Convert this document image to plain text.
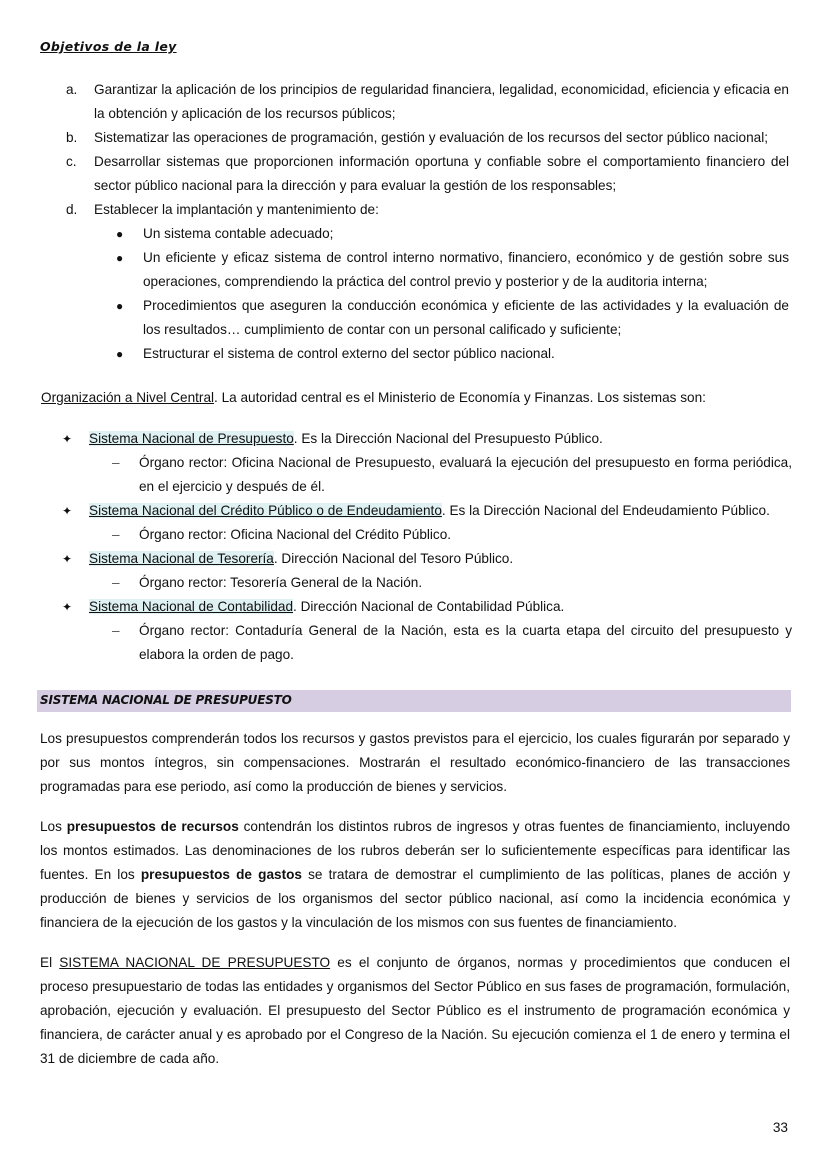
Objetivos de la ley
a.	Garantizar la aplicación de los principios de regularidad financiera, legalidad, economicidad, eficiencia y eficacia en la obtención y aplicación de los recursos públicos;
b.	Sistematizar las operaciones de programación, gestión y evaluación de los recursos del sector público nacional;
c.	Desarrollar sistemas que proporcionen información oportuna y confiable sobre el comportamiento financiero del sector público nacional para la dirección y para evaluar la gestión de los responsables;
d.	Establecer la implantación y mantenimiento de:
●	Un sistema contable adecuado;
●	Un eficiente y eficaz sistema de control interno normativo, financiero, económico y de gestión sobre sus operaciones, comprendiendo la práctica del control previo y posterior y de la auditoria interna;
●	Procedimientos que aseguren la conducción económica y eficiente de las actividades y la evaluación de los resultados… cumplimiento de contar con un personal calificado y suficiente;
●	Estructurar el sistema de control externo del sector público nacional.
Organización a Nivel Central. La autoridad central es el Ministerio de Economía y Finanzas. Los sistemas son:
✦	Sistema Nacional de Presupuesto. Es la Dirección Nacional del Presupuesto Público.
–	Órgano rector: Oficina Nacional de Presupuesto, evaluará la ejecución del presupuesto en forma periódica, en el ejercicio y después de él.
✦	Sistema Nacional del Crédito Público o de Endeudamiento. Es la Dirección Nacional del Endeudamiento Público.
–	Órgano rector: Oficina Nacional del Crédito Público.
✦	Sistema Nacional de Tesorería. Dirección Nacional del Tesoro Público.
–	Órgano rector: Tesorería General de la Nación.
✦	Sistema Nacional de Contabilidad. Dirección Nacional de Contabilidad Pública.
–	Órgano rector: Contaduría General de la Nación, esta es la cuarta etapa del circuito del presupuesto y elabora la orden de pago.
SISTEMA NACIONAL DE PRESUPUESTO
Los presupuestos comprenderán todos los recursos y gastos previstos para el ejercicio, los cuales figurarán por separado y por sus montos íntegros, sin compensaciones. Mostrarán el resultado económico-financiero de las transacciones programadas para ese periodo, así como la producción de bienes y servicios.
Los presupuestos de recursos contendrán los distintos rubros de ingresos y otras fuentes de financiamiento, incluyendo los montos estimados. Las denominaciones de los rubros deberán ser lo suficientemente específicas para identificar las fuentes. En los presupuestos de gastos se tratara de demostrar el cumplimiento de las políticas, planes de acción y producción de bienes y servicios de los organismos del sector público nacional, así como la incidencia económica y financiera de la ejecución de los gastos y la vinculación de los mismos con sus fuentes de financiamiento.
El SISTEMA NACIONAL DE PRESUPUESTO es el conjunto de órganos, normas y procedimientos que conducen el proceso presupuestario de todas las entidades y organismos del Sector Público en sus fases de programación, formulación, aprobación, ejecución y evaluación. El presupuesto del Sector Público es el instrumento de programación económica y financiera, de carácter anual y es aprobado por el Congreso de la Nación. Su ejecución comienza el 1 de enero y termina el 31 de diciembre de cada año.
33
